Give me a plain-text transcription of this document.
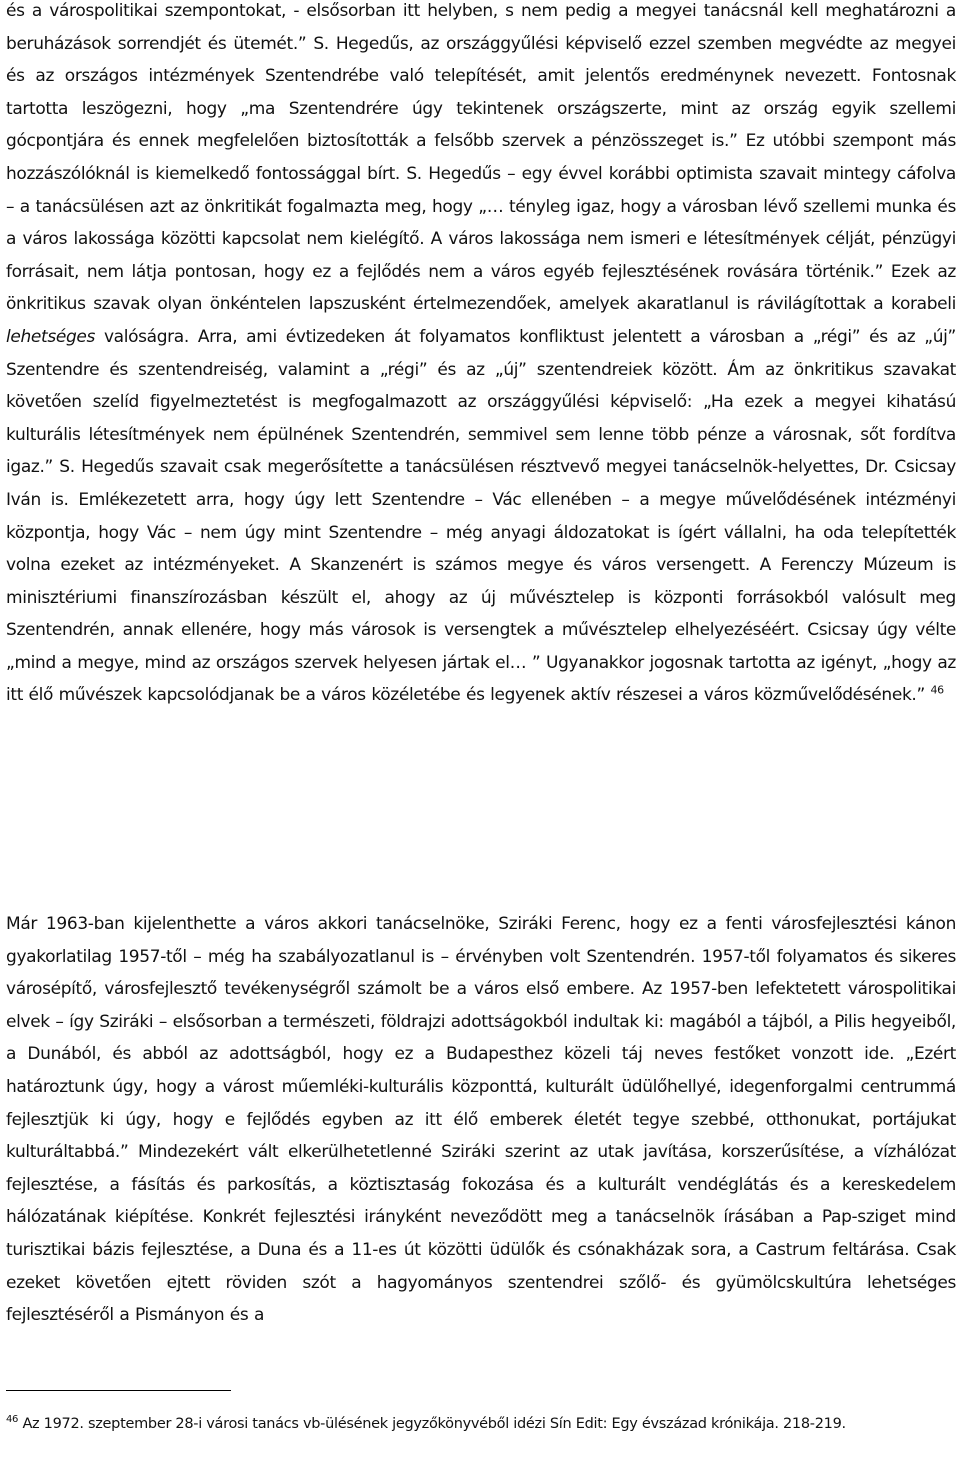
és a várospolitikai szempontokat, - elsősorban itt helyben, s nem pedig a megyei tanácsnál kell meghatározni a beruházások sorrendjét és ütemét.” S. Hegedűs, az országgyűlési képviselő ezzel szemben megvédte az megyei és az országos intézmények Szentendrébe való telepítését, amit jelentős eredménynek nevezett. Fontosnak tartotta leszögezni, hogy „ma Szentendrére úgy tekintenek országszerte, mint az ország egyik szellemi gócpontjára és ennek megfelelően biztosították a felsőbb szervek a pénzösszeget is.” Ez utóbbi szempont más hozzászólóknál is kiemelkedő fontossággal bírt. S. Hegedűs – egy évvel korábbi optimista szavait mintegy cáfolva – a tanácsülésen azt az önkritikát fogalmazta meg, hogy „… tényleg igaz, hogy a városban lévő szellemi munka és a város lakossága közötti kapcsolat nem kielégítő. A város lakossága nem ismeri e létesítmények célját, pénzügyi forrásait, nem látja pontosan, hogy ez a fejlődés nem a város egyéb fejlesztésének rovására történik.” Ezek az önkritikus szavak olyan önkéntelen lapszusként értelmezendőek, amelyek akaratlanul is rávilágítottak a korabeli lehetséges valóságra. Arra, ami évtizedeken át folyamatos konfliktust jelentett a városban a „régi” és az „új” Szentendre és szentendreiség, valamint a „régi” és az „új” szentendreiek között. Ám az önkritikus szavakat követően szelíd figyelmeztetést is megfogalmazott az országgyűlési képviselő: „Ha ezek a megyei kihatású kulturális létesítmények nem épülnének Szentendrén, semmivel sem lenne több pénze a városnak, sőt fordítva igaz.” S. Hegedűs szavait csak megerősítette a tanácsülésen résztvevő megyei tanácselnök-helyettes, Dr. Csicsay Iván is. Emlékezetett arra, hogy úgy lett Szentendre – Vác ellenében – a megye művelődésének intézményi központja, hogy Vác – nem úgy mint Szentendre – még anyagi áldozatokat is ígért vállalni, ha oda telepítették volna ezeket az intézményeket. A Skanzenért is számos megye és város versengett. A Ferenczy Múzeum is minisztériumi finanszírozásban készült el, ahogy az új művésztelep is központi forrásokból valósult meg Szentendrén, annak ellenére, hogy más városok is versengtek a művésztelep elhelyezéséért. Csicsay úgy vélte „mind a megye, mind az országos szervek helyesen jártak el… ” Ugyanakkor jogosnak tartotta az igényt, „hogy az itt élő művészek kapcsolódjanak be a város közéletébe és legyenek aktív részesei a város közművelődésének.” $^{46}$

Már 1963-ban kijelenthette a város akkori tanácselnöke, Sziráki Ferenc, hogy ez a fenti városfejlesztési kánon gyakorlatilag 1957-től – még ha szabályozatlanul is – érvényben volt Szentendrén. 1957-től folyamatos és sikeres városépítő, városfejlesztő tevékenységről számolt be a város első embere. Az 1957-ben lefektetett várospolitikai elvek – így Sziráki – elsősorban a természeti, földrajzi adottságokból indultak ki: magából a tájból, a Pilis hegyeiből, a Dunából, és abból az adottságból, hogy ez a Budapesthez közeli táj neves festőket vonzott ide. „Ezért határoztunk úgy, hogy a várost műemléki-kulturális központtá, kulturált üdülőhellyé, idegenforgalmi centrummá fejlesztjük ki úgy, hogy e fejlődés egyben az itt élő emberek életét tegye szebbé, otthonukat, portájukat kulturáltabbá.” Mindezekért vált elkerülhetetlenné Sziráki szerint az utak javítása, korszerűsítése, a vízhálózat fejlesztése, a fásítás és parkosítás, a köztisztaság fokozása és a kulturált vendéglátás és a kereskedelem hálózatának kiépítése. Konkrét fejlesztési irányként neveződött meg a tanácselnök írásában a Pap-sziget mind turisztikai bázis fejlesztése, a Duna és a 11-es út közötti üdülők és csónakházak sora, a Castrum feltárása. Csak ezeket követően ejtett röviden szót a hagyományos szentendrei szőlő- és gyümölcskultúra lehetséges fejlesztéséről a Pismányon és a

$^{46}$ Az 1972. szeptember 28-i városi tanács vb-ülésének jegyzőkönyvéből idézi Sín Edit: Egy évszázad krónikája. 218-219.
